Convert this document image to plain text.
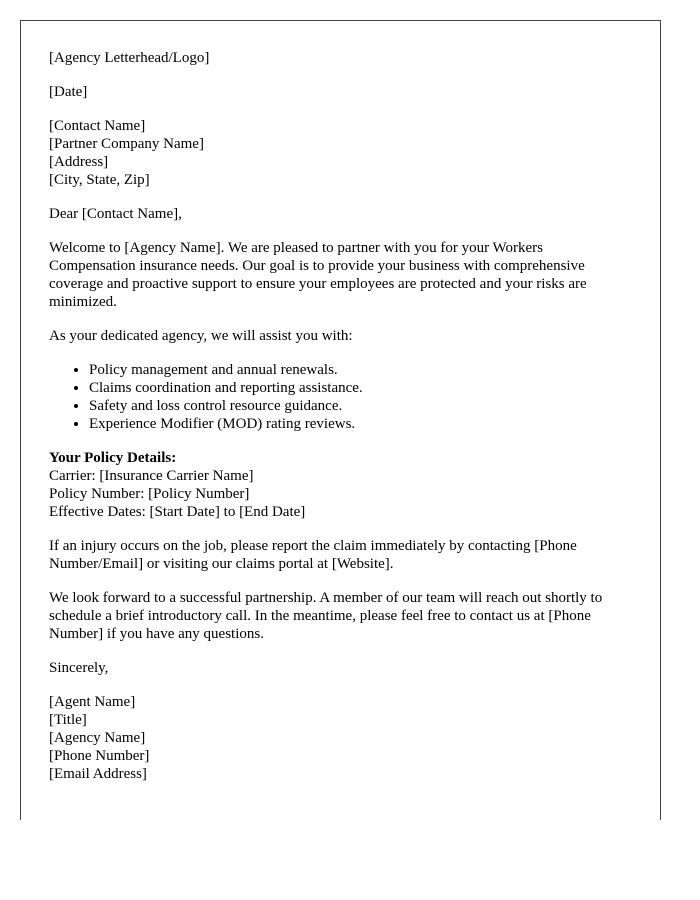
[Agency Letterhead/Logo]
[Date]
[Contact Name]
[Partner Company Name]
[Address]
[City, State, Zip]

Dear [Contact Name],

Welcome to [Agency Name]. We are pleased to partner with you for your Workers Compensation insurance needs. Our goal is to provide your business with comprehensive coverage and proactive support to ensure your employees are protected and your risks are minimized.

As your dedicated agency, we will assist you with:

• Policy management and annual renewals.
• Claims coordination and reporting assistance.
• Safety and loss control resource guidance.
• Experience Modifier (MOD) rating reviews.
Your Policy Details:
Carrier: [Insurance Carrier Name]
Policy Number: [Policy Number]
Effective Dates: [Start Date] to [End Date]

If an injury occurs on the job, please report the claim immediately by contacting [Phone Number/Email] or visiting our claims portal at [Website].

We look forward to a successful partnership. A member of our team will reach out shortly to schedule a brief introductory call. In the meantime, please feel free to contact us at [Phone Number] if you have any questions.

Sincerely,

[Agent Name]
[Title]
[Agency Name]
[Phone Number]
[Email Address]
